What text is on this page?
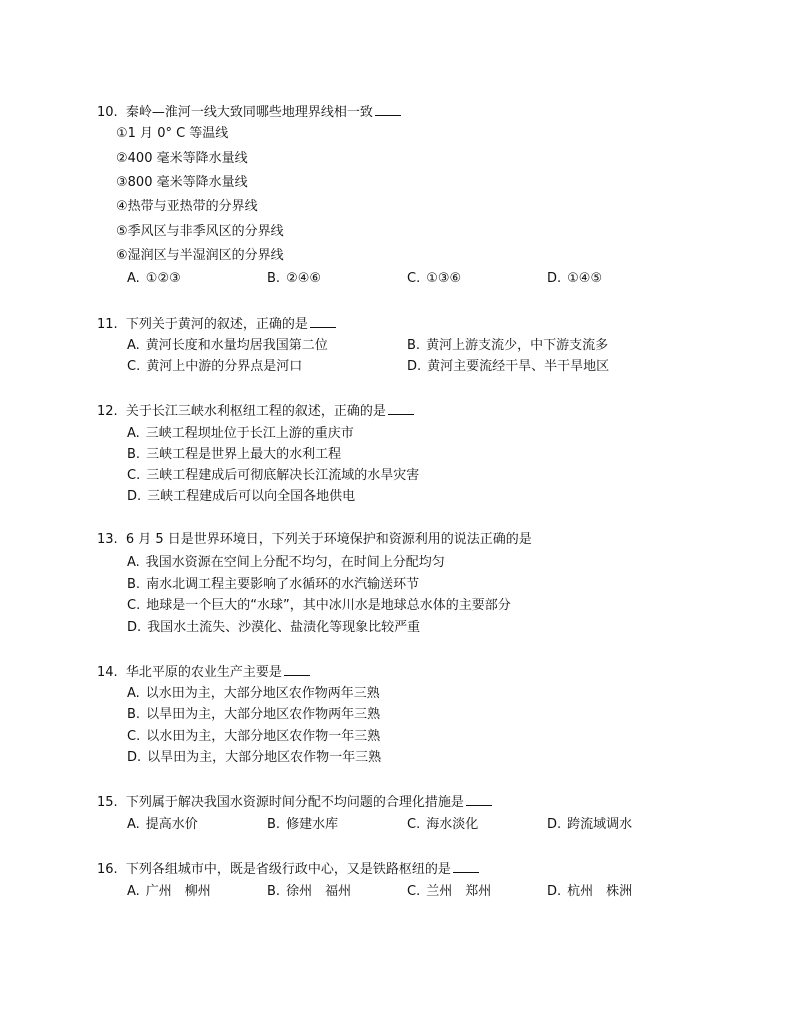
10. 秦岭—淮河一线大致同哪些地理界线相一致
①1 月 0° C 等温线
②400 毫米等降水量线
③800 毫米等降水量线
④热带与亚热带的分界线
⑤季风区与非季风区的分界线
⑥湿润区与半湿润区的分界线
A. ①②③	B. ②④⑥	C. ①③⑥	D. ①④⑤
11. 下列关于黄河的叙述，正确的是
A. 黄河长度和水量均居我国第二位	B. 黄河上游支流少，中下游支流多
C. 黄河上中游的分界点是河口	D. 黄河主要流经干旱、半干旱地区
12. 关于长江三峡水利枢纽工程的叙述，正确的是
A. 三峡工程坝址位于长江上游的重庆市
B. 三峡工程是世界上最大的水利工程
C. 三峡工程建成后可彻底解决长江流域的水旱灾害
D. 三峡工程建成后可以向全国各地供电
13. 6 月 5 日是世界环境日，下列关于环境保护和资源利用的说法正确的是
A. 我国水资源在空间上分配不均匀，在时间上分配均匀
B. 南水北调工程主要影响了水循环的水汽输送环节
C. 地球是一个巨大的“水球”，其中冰川水是地球总水体的主要部分
D. 我国水土流失、沙漠化、盐渍化等现象比较严重
14. 华北平原的农业生产主要是
A. 以水田为主，大部分地区农作物两年三熟
B. 以旱田为主，大部分地区农作物两年三熟
C. 以水田为主，大部分地区农作物一年三熟
D. 以旱田为主，大部分地区农作物一年三熟
15. 下列属于解决我国水资源时间分配不均问题的合理化措施是
A. 提高水价	B. 修建水库	C. 海水淡化	D. 跨流域调水
16. 下列各组城市中，既是省级行政中心，又是铁路枢纽的是
A. 广州　柳州	B. 徐州　福州	C. 兰州　郑州	D. 杭州　株洲
